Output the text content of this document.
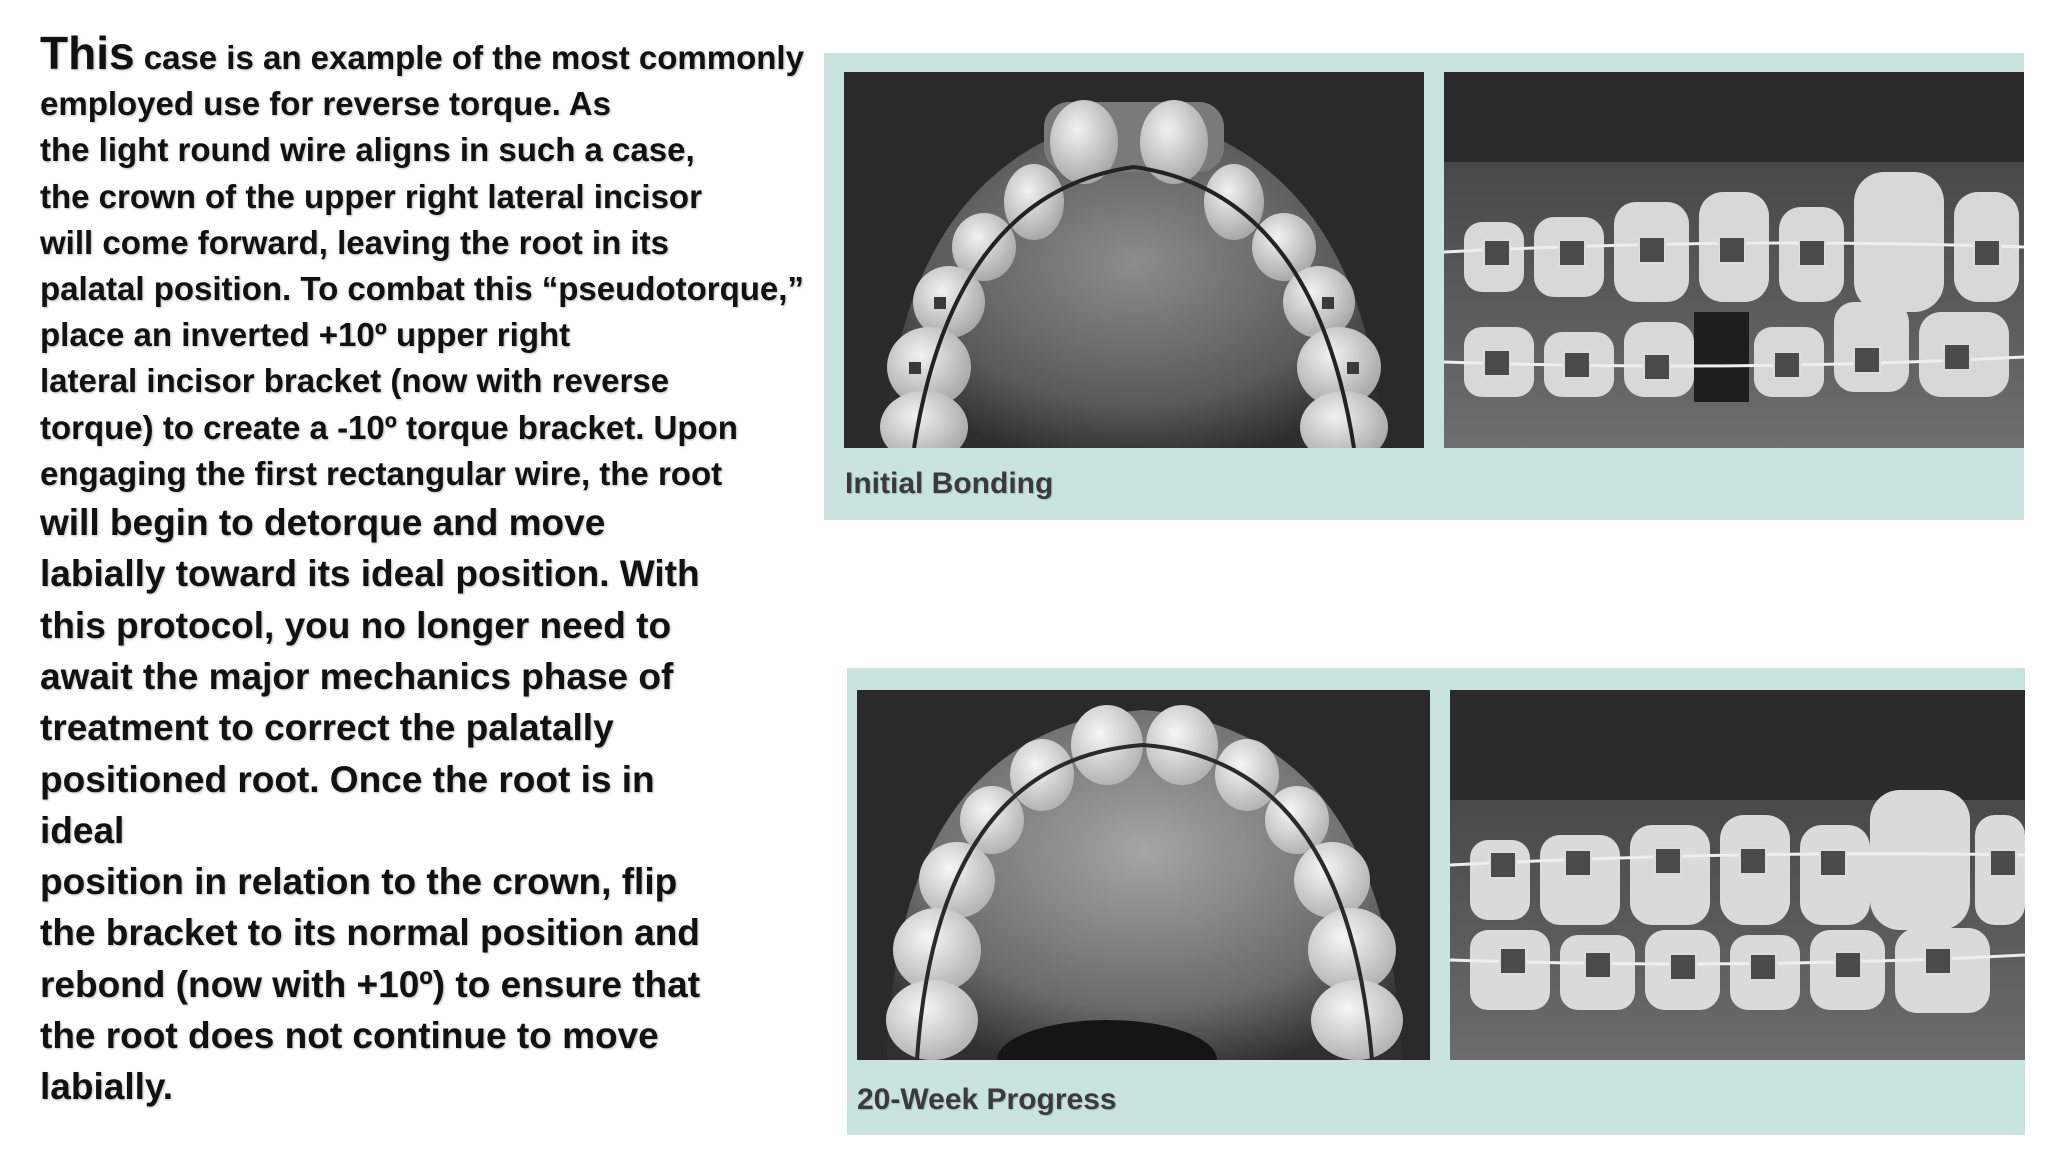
This case is an example of the most commonly
employed use for reverse torque. As
the light round wire aligns in such a case,
the crown of the upper right lateral incisor
will come forward, leaving the root in its
palatal position. To combat this “pseudotorque,”
place an inverted +10º upper right
lateral incisor bracket (now with reverse
torque) to create a -10º torque bracket. Upon
engaging the first rectangular wire, the root
will begin to detorque and move
labially toward its ideal position. With
this protocol, you no longer need to
await the major mechanics phase of
treatment to correct the palatally
positioned root. Once the root is in
ideal
position in relation to the crown, flip
the bracket to its normal position and
rebond (now with +10º) to ensure that
the root does not continue to move
labially.
Initial Bonding
20-Week Progress
